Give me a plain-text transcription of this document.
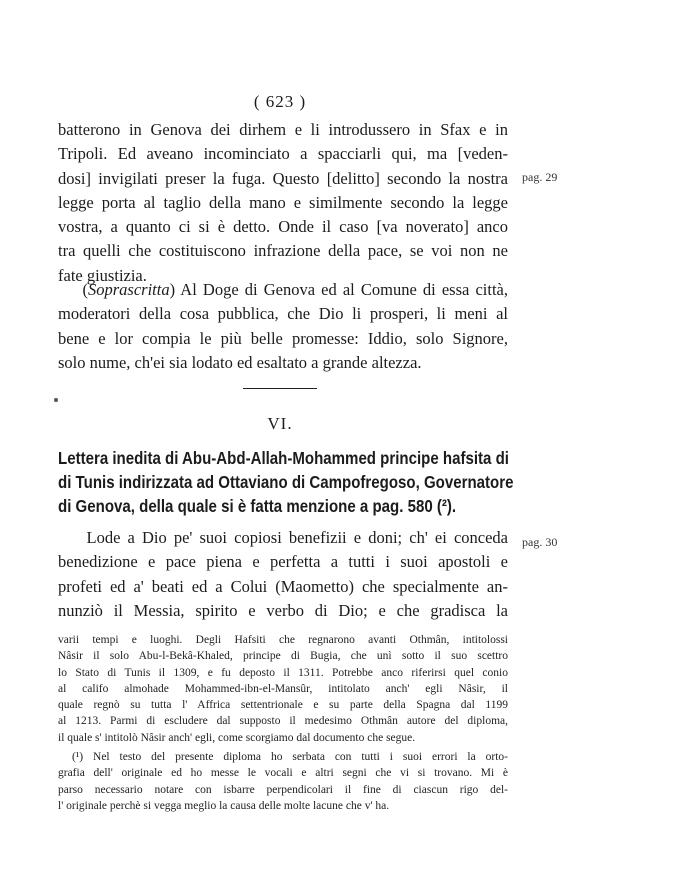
( 623 )
batterono in Genova dei dirhem e li introdussero in Sfax e in
Tripoli. Ed aveano incominciato a spacciarli qui, ma [veden-
dosi] invigilati preser la fuga. Questo [delitto] secondo la nostra
legge porta al taglio della mano e similmente secondo la legge
vostra, a quanto ci si è detto. Onde il caso [va noverato] anco
tra quelli che costituiscono infrazione della pace, se voi non ne
fate giustizia.
pag. 29
(Soprascritta) Al Doge di Genova ed al Comune di essa città,
moderatori della cosa pubblica, che Dio li prosperi, li meni al
bene e lor compia le più belle promesse: Iddio, solo Signore,
solo nume, ch'ei sia lodato ed esaltato a grande altezza.
VI.
Lettera inedita di Abu-Abd-Allah-Mohammed principe hafsita di
di Tunis indirizzata ad Ottaviano di Campofregoso, Governatore
di Genova, della quale si è fatta menzione a pag. 580 (²).
Lode a Dio pe' suoi copiosi benefizii e doni; ch' ei conceda
benedizione e pace piena e perfetta a tutti i suoi apostoli e
profeti ed a' beati ed a Colui (Maometto) che specialmente an-
nunziò il Messia, spirito e verbo di Dio; e che gradisca la
pag. 30
varii tempi e luoghi. Degli Hafsiti che regnarono avanti Othmân, intitolossi
Nâsir il solo Abu-l-Bekâ-Khaled, principe di Bugia, che unì sotto il suo scettro
lo Stato di Tunis il 1309, e fu deposto il 1311. Potrebbe anco riferirsi quel conio
al califo almohade Mohammed-ibn-el-Mansûr, intitolato anch' egli Nâsir, il
quale regnò su tutta l' Affrica settentrionale e su parte della Spagna dal 1199
al 1213. Parmi di escludere dal supposto il medesimo Othmân autore del diploma,
il quale s' intitolò Nâsir anch' egli, come scorgiamo dal documento che segue.
(¹) Nel testo del presente diploma ho serbata con tutti i suoi errori la orto-
grafia dell' originale ed ho messe le vocali e altri segni che vi si trovano. Mi è
parso necessario notare con isbarre perpendicolari il fine di ciascun rigo del-
l' originale perchè si vegga meglio la causa delle molte lacune che v' ha.
